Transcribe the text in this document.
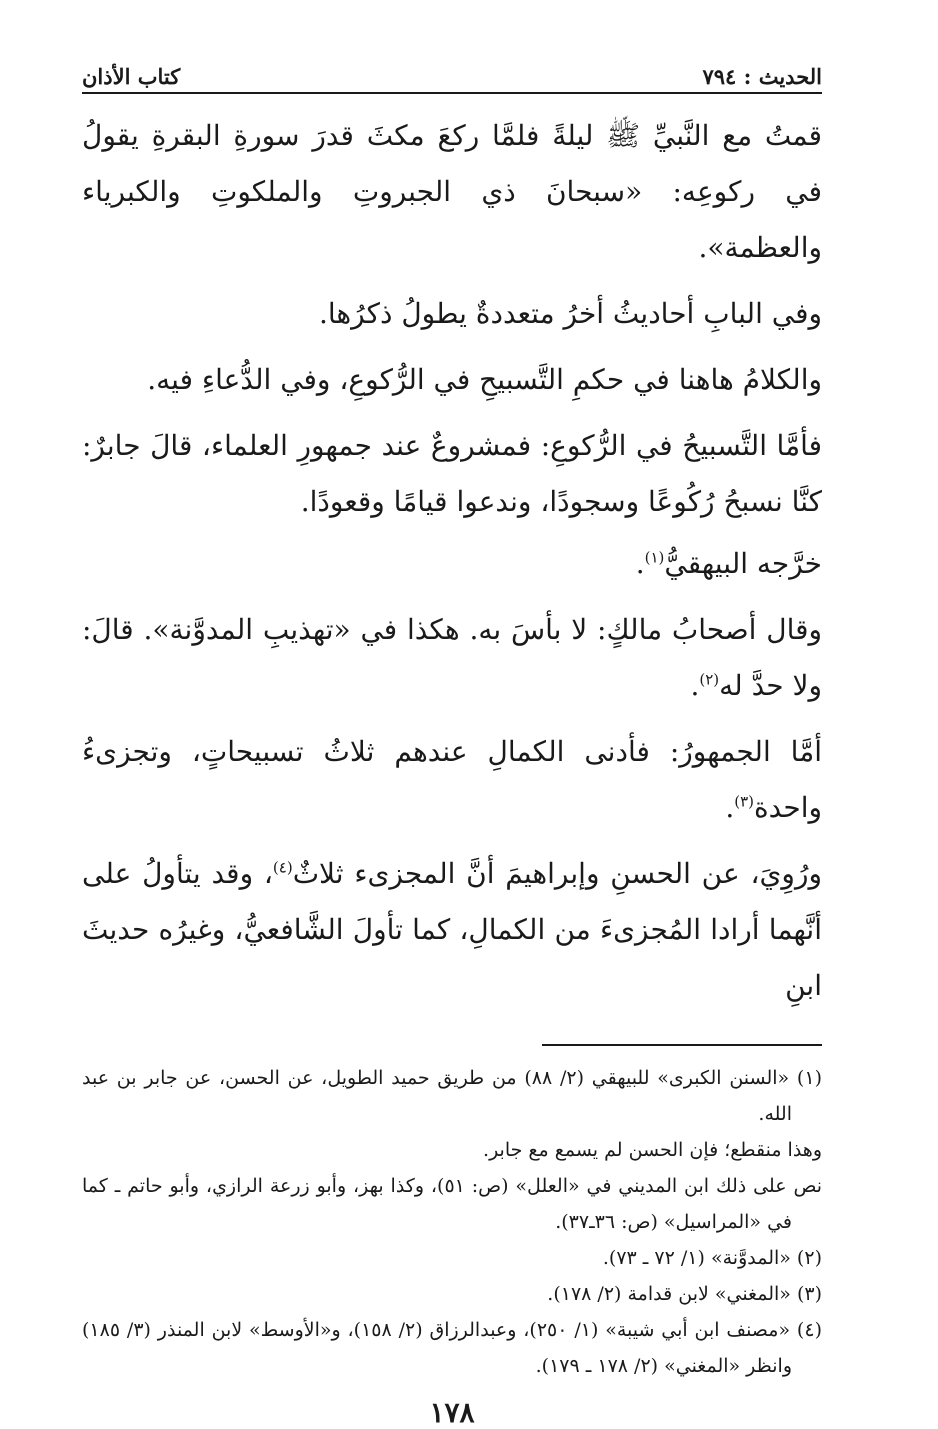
الحديث : ٧٩٤
كتاب الأذان

قمتُ مع النَّبيِّ ﷺ ليلةً فلمَّا ركعَ مكثَ قدرَ سورةِ البقرةِ يقولُ في ركوعِه: «سبحانَ ذي الجبروتِ والملكوتِ والكبرياء والعظمة».

وفي البابِ أحاديثُ أخرُ متعددةٌ يطولُ ذكرُها.

والكلامُ هاهنا في حكمِ التَّسبيحِ في الرُّكوعِ، وفي الدُّعاءِ فيه.

فأمَّا التَّسبيحُ في الرُّكوعِ: فمشروعٌ عند جمهورِ العلماء، قالَ جابرٌ: كنَّا نسبحُ رُكُوعًا وسجودًا، وندعوا قيامًا وقعودًا.

خرَّجه البيهقيُّ$^{(١)}$.

وقال أصحابُ مالكٍ: لا بأسَ به. هكذا في «تهذيبِ المدوَّنة». قالَ: ولا حدَّ له$^{(٢)}$.

أمَّا الجمهورُ: فأدنى الكمالِ عندهم ثلاثُ تسبيحاتٍ، وتجزىءُ واحدة$^{(٣)}$.

ورُوِيَ، عن الحسنِ وإبراهيمَ أنَّ المجزىء ثلاثٌ$^{(٤)}$، وقد يتأولُ على أنَّهما أرادا المُجزىءَ من الكمالِ، كما تأولَ الشَّافعيُّ، وغيرُه حديثَ ابنِ

(١) «السنن الكبرى» للبيهقي (٢/ ٨٨) من طريق حميد الطويل، عن الحسن، عن جابر بن عبد الله.

وهذا منقطع؛ فإن الحسن لم يسمع مع جابر.

نص على ذلك ابن المديني في «العلل» (ص: ٥١)، وكذا بهز، وأبو زرعة الرازي، وأبو حاتم ـ كما في «المراسيل» (ص: ٣٦ـ٣٧).

(٢) «المدوَّنة» (١/ ٧٢ ـ ٧٣).

(٣) «المغني» لابن قدامة (٢/ ١٧٨).

(٤) «مصنف ابن أبي شيبة» (١/ ٢٥٠)، وعبدالرزاق (٢/ ١٥٨)، و«الأوسط» لابن المنذر (٣/ ١٨٥) وانظر «المغني» (٢/ ١٧٨ ـ ١٧٩).

١٧٨
